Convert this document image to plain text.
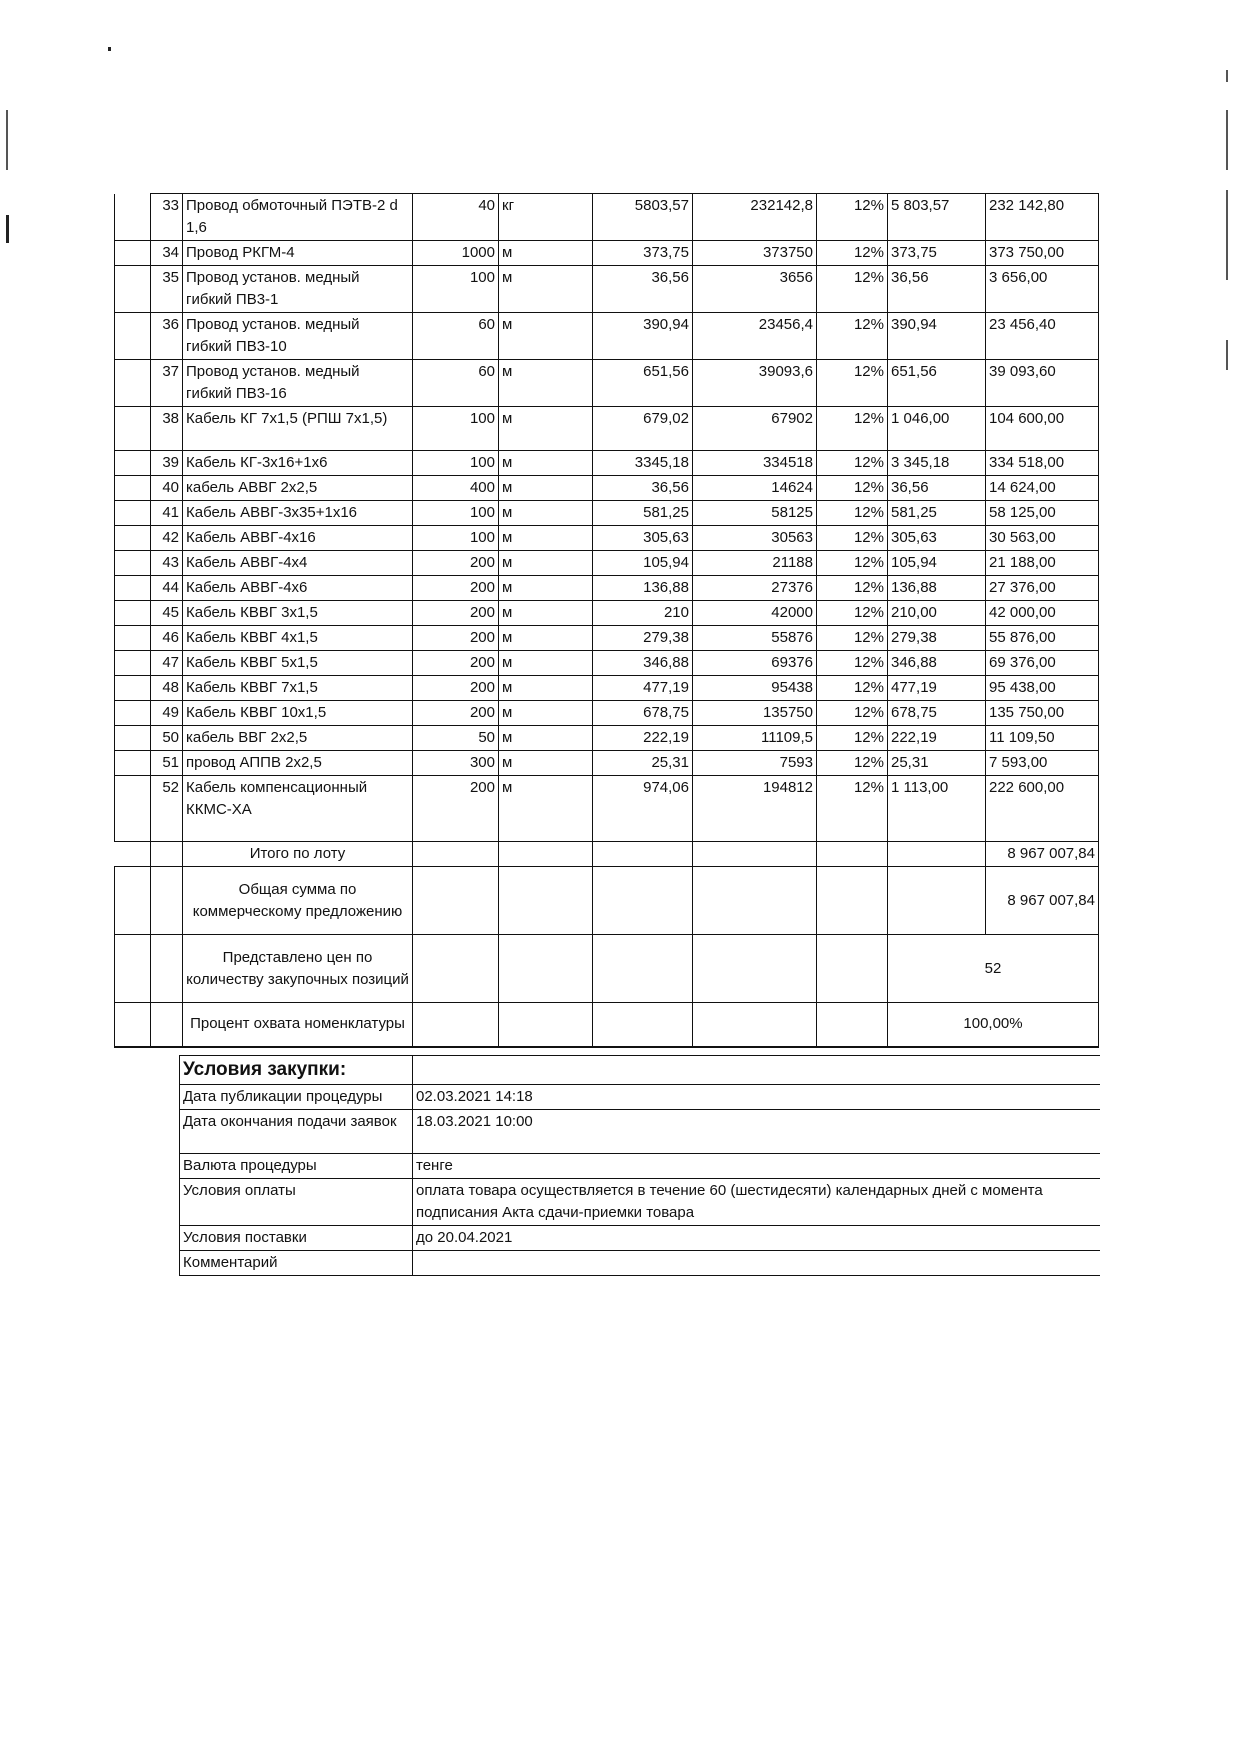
	33	Провод обмоточный ПЭТВ-2 d 1,6	40	кг	5803,57	232142,8	12%	5 803,57	232 142,80
	34	Провод РКГМ-4	1000	м	373,75	373750	12%	373,75	373 750,00
	35	Провод установ. медный гибкий ПВ3-1	100	м	36,56	3656	12%	36,56	3 656,00
	36	Провод установ. медный гибкий ПВ3-10	60	м	390,94	23456,4	12%	390,94	23 456,40
	37	Провод установ. медный гибкий ПВ3-16	60	м	651,56	39093,6	12%	651,56	39 093,60
	38	Кабель КГ 7х1,5 (РПШ 7х1,5)	100	м	679,02	67902	12%	1 046,00	104 600,00
	39	Кабель КГ-3х16+1х6	100	м	3345,18	334518	12%	3 345,18	334 518,00
	40	кабель АВВГ 2х2,5	400	м	36,56	14624	12%	36,56	14 624,00
	41	Кабель АВВГ-3х35+1х16	100	м	581,25	58125	12%	581,25	58 125,00
	42	Кабель АВВГ-4х16	100	м	305,63	30563	12%	305,63	30 563,00
	43	Кабель АВВГ-4х4	200	м	105,94	21188	12%	105,94	21 188,00
	44	Кабель АВВГ-4х6	200	м	136,88	27376	12%	136,88	27 376,00
	45	Кабель КВВГ 3х1,5	200	м	210	42000	12%	210,00	42 000,00
	46	Кабель КВВГ 4х1,5	200	м	279,38	55876	12%	279,38	55 876,00
	47	Кабель КВВГ 5х1,5	200	м	346,88	69376	12%	346,88	69 376,00
	48	Кабель КВВГ 7х1,5	200	м	477,19	95438	12%	477,19	95 438,00
	49	Кабель КВВГ 10х1,5	200	м	678,75	135750	12%	678,75	135 750,00
	50	кабель ВВГ 2х2,5	50	м	222,19	11109,5	12%	222,19	11 109,50
	51	провод АППВ 2х2,5	300	м	25,31	7593	12%	25,31	7 593,00
	52	Кабель компенсационный ККМС-ХА	200	м	974,06	194812	12%	1 113,00	222 600,00
		Итого по лоту							8 967 007,84
		Общая сумма по коммерческому предложению							8 967 007,84
		Представлено цен по количеству закупочных позиций						52	
		Процент охвата номенклатуры						100,00%	
Условия закупки:	
Дата публикации процедуры	02.03.2021 14:18
Дата окончания подачи заявок	18.03.2021 10:00
Валюта процедуры	тенге
Условия оплаты	оплата товара осуществляется в течение 60 (шестидесяти) календарных дней с момента подписания Акта сдачи-приемки товара
Условия поставки	до 20.04.2021
Комментарий	
